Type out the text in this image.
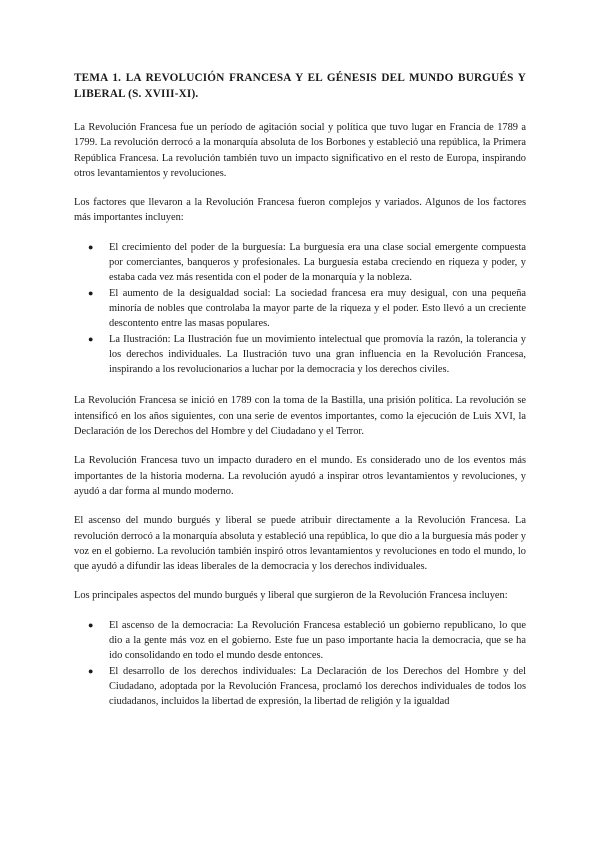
TEMA 1. LA REVOLUCIÓN FRANCESA Y EL GÉNESIS DEL MUNDO BURGUÉS Y LIBERAL (S. XVIII-XI).

La Revolución Francesa fue un período de agitación social y política que tuvo lugar en Francia de 1789 a 1799. La revolución derrocó a la monarquía absoluta de los Borbones y estableció una república, la Primera República Francesa. La revolución también tuvo un impacto significativo en el resto de Europa, inspirando otros levantamientos y revoluciones.

Los factores que llevaron a la Revolución Francesa fueron complejos y variados. Algunos de los factores más importantes incluyen:

● El crecimiento del poder de la burguesía: La burguesía era una clase social emergente compuesta por comerciantes, banqueros y profesionales. La burguesía estaba creciendo en riqueza y poder, y estaba cada vez más resentida con el poder de la monarquía y la nobleza.
● El aumento de la desigualdad social: La sociedad francesa era muy desigual, con una pequeña minoría de nobles que controlaba la mayor parte de la riqueza y el poder. Esto llevó a un creciente descontento entre las masas populares.
● La Ilustración: La Ilustración fue un movimiento intelectual que promovía la razón, la tolerancia y los derechos individuales. La Ilustración tuvo una gran influencia en la Revolución Francesa, inspirando a los revolucionarios a luchar por la democracia y los derechos civiles.

La Revolución Francesa se inició en 1789 con la toma de la Bastilla, una prisión política. La revolución se intensificó en los años siguientes, con una serie de eventos importantes, como la ejecución de Luis XVI, la Declaración de los Derechos del Hombre y del Ciudadano y el Terror.

La Revolución Francesa tuvo un impacto duradero en el mundo. Es considerado uno de los eventos más importantes de la historia moderna. La revolución ayudó a inspirar otros levantamientos y revoluciones, y ayudó a dar forma al mundo moderno.

El ascenso del mundo burgués y liberal se puede atribuir directamente a la Revolución Francesa. La revolución derrocó a la monarquía absoluta y estableció una república, lo que dio a la burguesía más poder y voz en el gobierno. La revolución también inspiró otros levantamientos y revoluciones en todo el mundo, lo que ayudó a difundir las ideas liberales de la democracia y los derechos individuales.

Los principales aspectos del mundo burgués y liberal que surgieron de la Revolución Francesa incluyen:

● El ascenso de la democracia: La Revolución Francesa estableció un gobierno republicano, lo que dio a la gente más voz en el gobierno. Este fue un paso importante hacia la democracia, que se ha ido consolidando en todo el mundo desde entonces.
● El desarrollo de los derechos individuales: La Declaración de los Derechos del Hombre y del Ciudadano, adoptada por la Revolución Francesa, proclamó los derechos individuales de todos los ciudadanos, incluidos la libertad de expresión, la libertad de religión y la igualdad
